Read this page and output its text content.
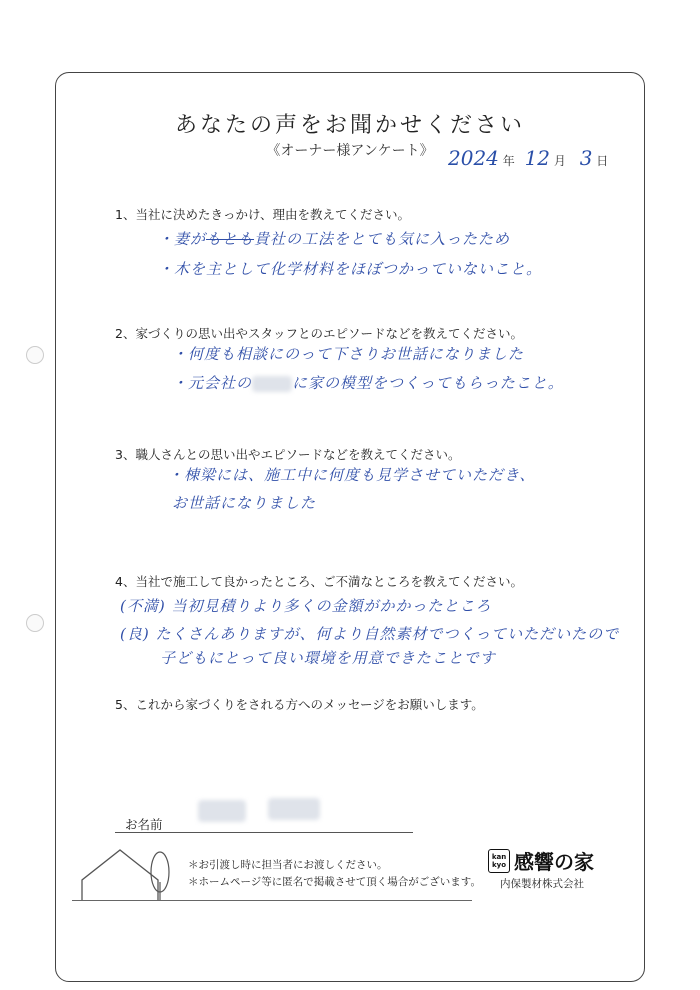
あなたの声をお聞かせください
《オーナー様アンケート》 2024 年 12 月 3 日
1、当社に決めたきっかけ、理由を教えてください。
・妻がもとも貴社の工法をとても気に入ったため
・木を主として化学材料をほぼつかっていないこと。
2、家づくりの思い出やスタッフとのエピソードなどを教えてください。
・何度も相談にのって下さりお世話になりました
・元会社の	に家の模型をつくってもらったこと。
3、職人さんとの思い出やエピソードなどを教えてください。
・棟梁には、施工中に何度も見学させていただき、
お世話になりました
4、当社で施工して良かったところ、ご不満なところを教えてください。
(不満) 当初見積りより多くの金額がかかったところ
(良) たくさんありますが、何より自然素材でつくっていただいたので
子どもにとって良い環境を用意できたことです
5、これから家づくりをされる方へのメッセージをお願いします。
お名前
＊お引渡し時に担当者にお渡しください。
＊ホームページ等に匿名で掲載させて頂く場合がございます。
kan
kyo 感響の家
内保製材株式会社
